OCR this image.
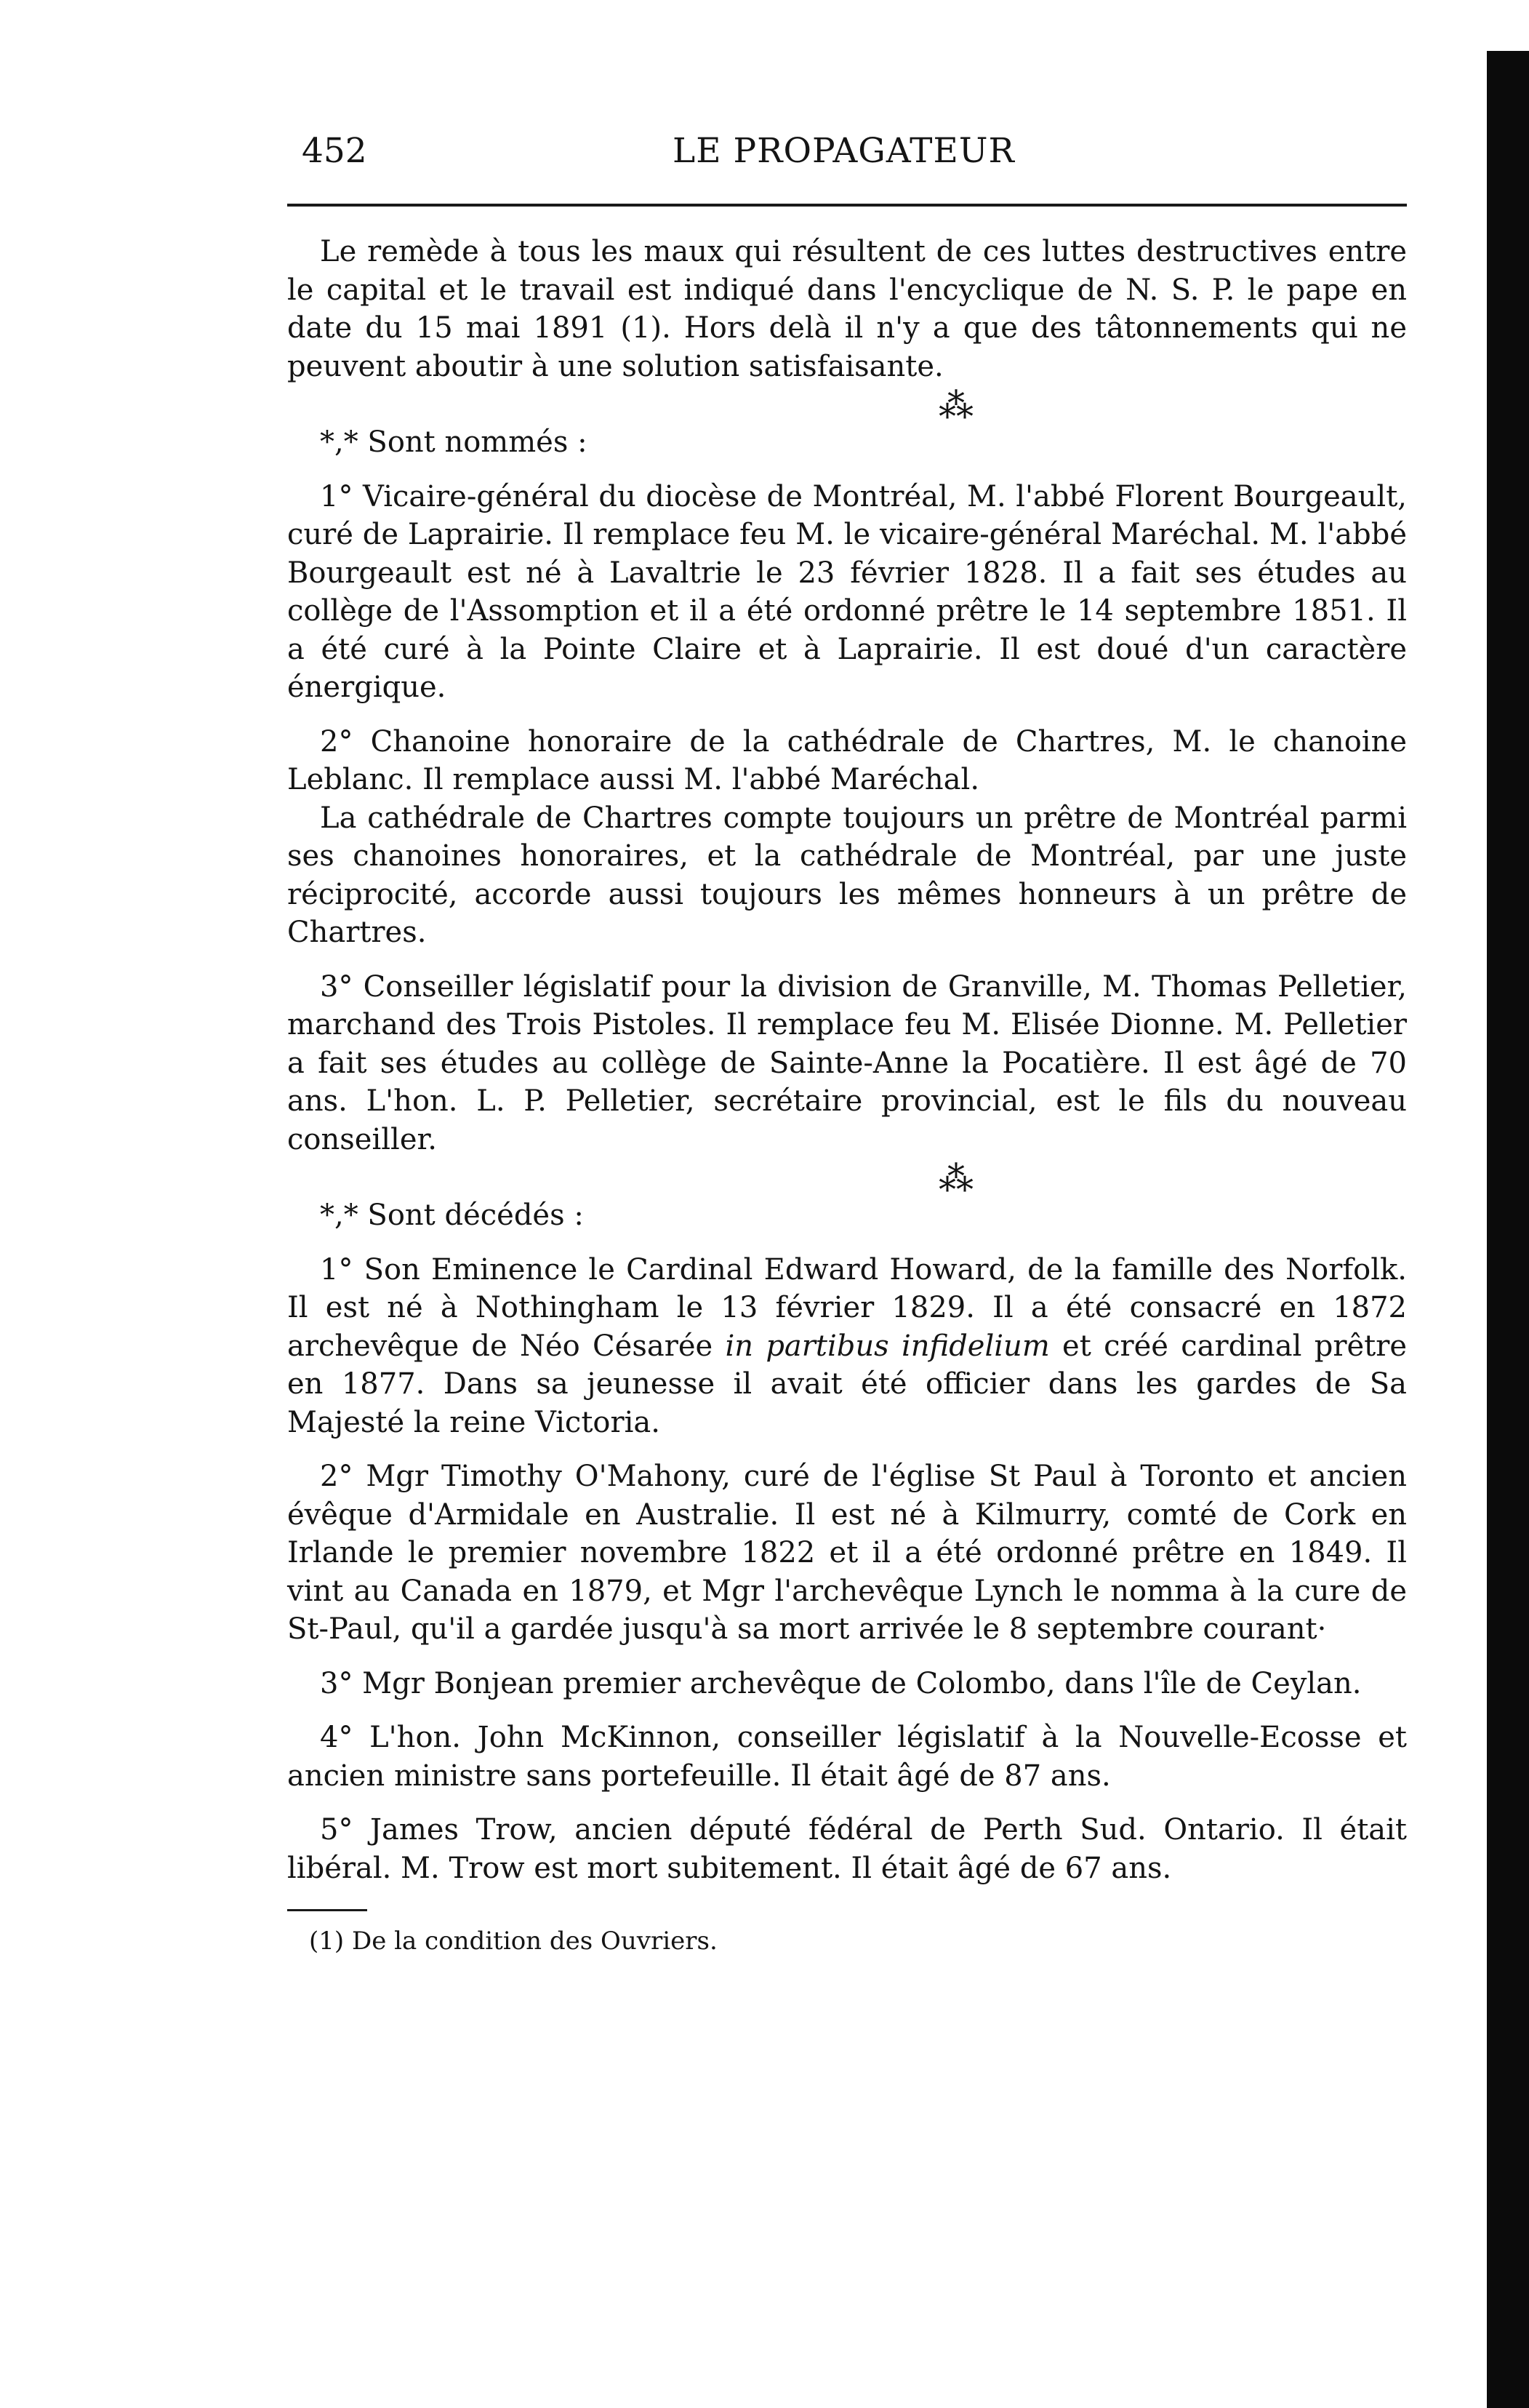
452	LE PROPAGATEUR

Le remède à tous les maux qui résultent de ces luttes destructives entre le capital et le travail est indiqué dans l'encyclique de N. S. P. le pape en date du 15 mai 1891 (1). Hors delà il n'y a que des tâtonnements qui ne peuvent aboutir à une solution satisfaisante.

⁂

*,* Sont nommés :

1° Vicaire-général du diocèse de Montréal, M. l'abbé Florent Bourgeault, curé de Laprairie. Il remplace feu M. le vicaire-général Maréchal. M. l'abbé Bourgeault est né à Lavaltrie le 23 février 1828. Il a fait ses études au collège de l'Assomption et il a été ordonné prêtre le 14 septembre 1851. Il a été curé à la Pointe Claire et à Laprairie. Il est doué d'un caractère énergique.

2° Chanoine honoraire de la cathédrale de Chartres, M. le chanoine Leblanc. Il remplace aussi M. l'abbé Maréchal.

La cathédrale de Chartres compte toujours un prêtre de Montréal parmi ses chanoines honoraires, et la cathédrale de Montréal, par une juste réciprocité, accorde aussi toujours les mêmes honneurs à un prêtre de Chartres.

3° Conseiller législatif pour la division de Granville, M. Thomas Pelletier, marchand des Trois Pistoles. Il remplace feu M. Elisée Dionne. M. Pelletier a fait ses études au collège de Sainte-Anne la Pocatière. Il est âgé de 70 ans. L'hon. L. P. Pelletier, secrétaire provincial, est le fils du nouveau conseiller.

⁂

*,* Sont décédés :

1° Son Eminence le Cardinal Edward Howard, de la famille des Norfolk. Il est né à Nothingham le 13 février 1829. Il a été consacré en 1872 archevêque de Néo Césarée in partibus infidelium et créé cardinal prêtre en 1877. Dans sa jeunesse il avait été officier dans les gardes de Sa Majesté la reine Victoria.

2° Mgr Timothy O'Mahony, curé de l'église St Paul à Toronto et ancien évêque d'Armidale en Australie. Il est né à Kilmurry, comté de Cork en Irlande le premier novembre 1822 et il a été ordonné prêtre en 1849. Il vint au Canada en 1879, et Mgr l'archevêque Lynch le nomma à la cure de St-Paul, qu'il a gardée jusqu'à sa mort arrivée le 8 septembre courant·

3° Mgr Bonjean premier archevêque de Colombo, dans l'île de Ceylan.

4° L'hon. John McKinnon, conseiller législatif à la Nouvelle-Ecosse et ancien ministre sans portefeuille. Il était âgé de 87 ans.

5° James Trow, ancien député fédéral de Perth Sud. Ontario. Il était libéral. M. Trow est mort subitement. Il était âgé de 67 ans.

(1) De la condition des Ouvriers.
